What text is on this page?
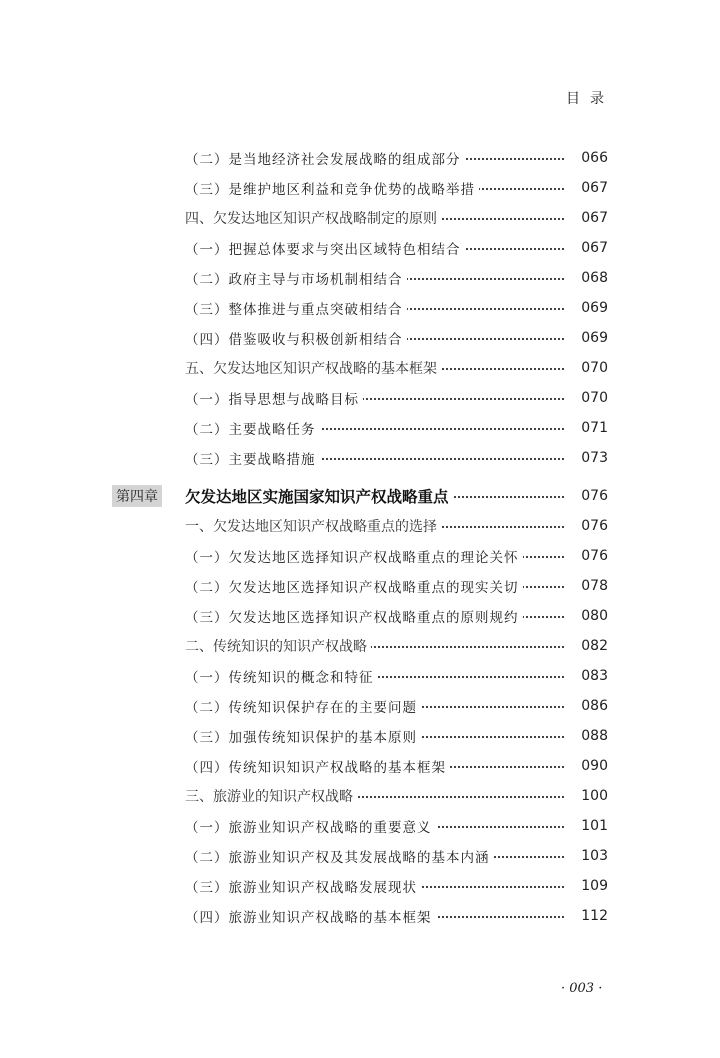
目录
（二）是当地经济社会发展战略的组成部分	066
（三）是维护地区利益和竞争优势的战略举措	067
四、欠发达地区知识产权战略制定的原则	067
（一）把握总体要求与突出区域特色相结合	067
（二）政府主导与市场机制相结合	068
（三）整体推进与重点突破相结合	069
（四）借鉴吸收与积极创新相结合	069
五、欠发达地区知识产权战略的基本框架	070
（一）指导思想与战略目标	070
（二）主要战略任务	071
（三）主要战略措施	073
第四章 欠发达地区实施国家知识产权战略重点	076
一、欠发达地区知识产权战略重点的选择	076
（一）欠发达地区选择知识产权战略重点的理论关怀	076
（二）欠发达地区选择知识产权战略重点的现实关切	078
（三）欠发达地区选择知识产权战略重点的原则规约	080
二、传统知识的知识产权战略	082
（一）传统知识的概念和特征	083
（二）传统知识保护存在的主要问题	086
（三）加强传统知识保护的基本原则	088
（四）传统知识知识产权战略的基本框架	090
三、旅游业的知识产权战略	100
（一）旅游业知识产权战略的重要意义	101
（二）旅游业知识产权及其发展战略的基本内涵	103
（三）旅游业知识产权战略发展现状	109
（四）旅游业知识产权战略的基本框架	112
· 003 ·
